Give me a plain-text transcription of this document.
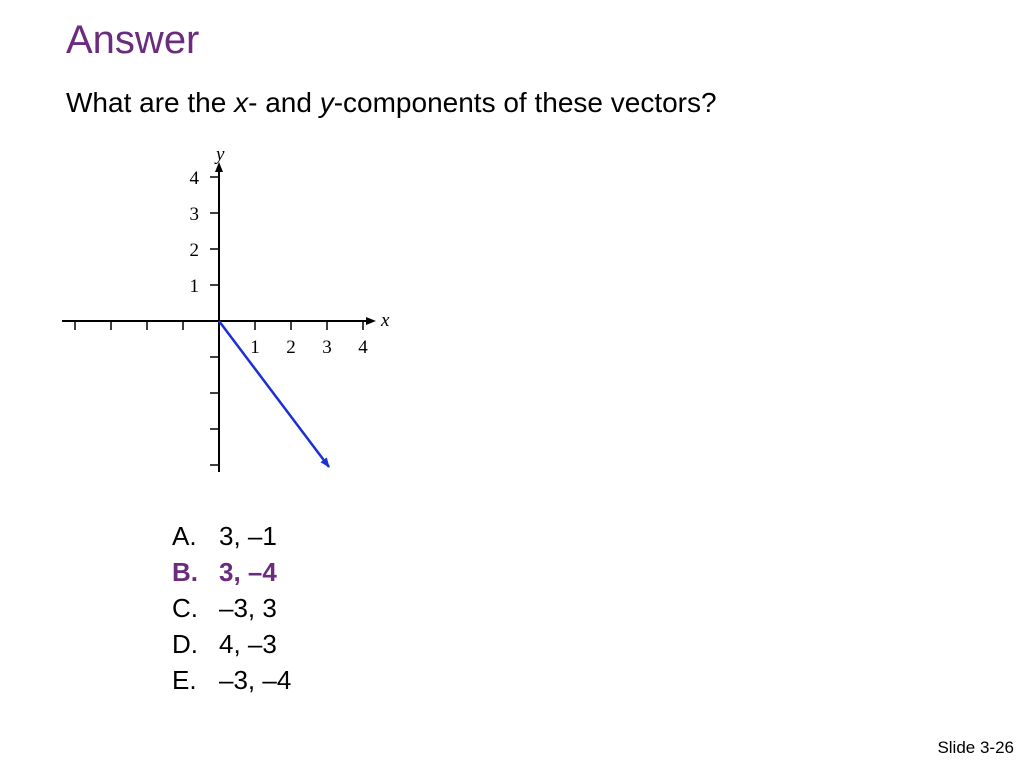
Answer
What are the x- and y-components of these vectors?
1 2 3 4
1
2
3
4
x
y
A. 3, –1
B. 3, –4
C. –3, 3
D. 4, –3
E. –3, –4
Slide 3-26
